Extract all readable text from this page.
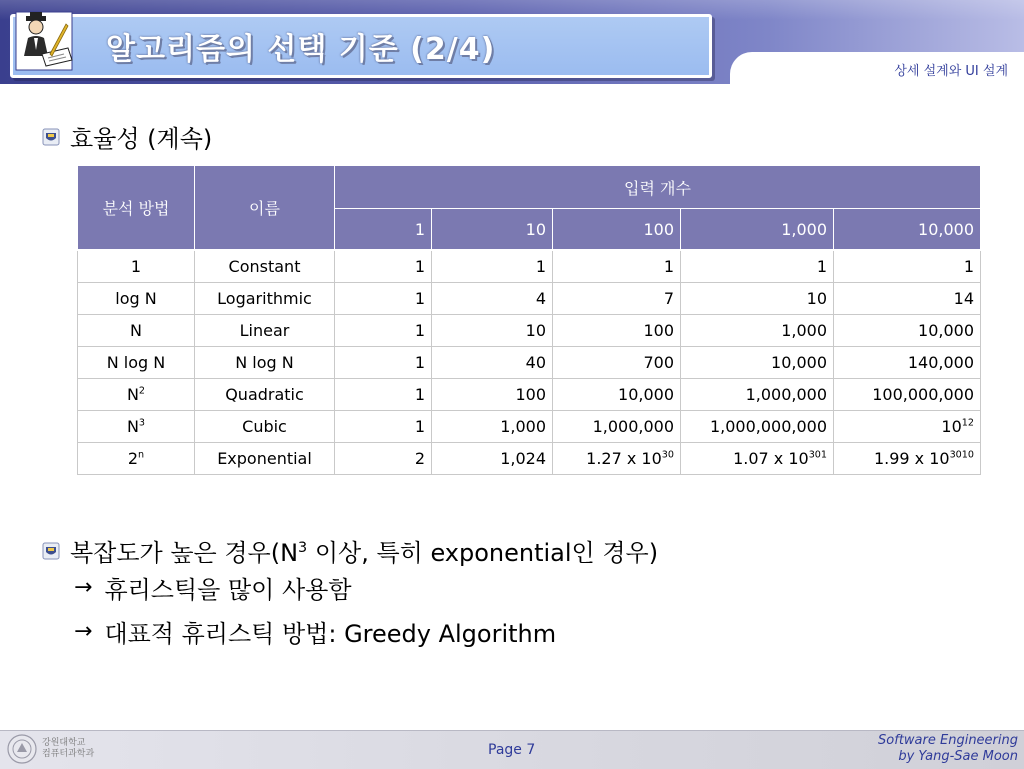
알고리즘의 선택 기준 (2/4)
상세 설계와 UI 설계
효율성 (계속)
분석 방법	이름	입력 개수				
		1	10	100	1,000	10,000
1	Constant	1	1	1	1	1
log N	Logarithmic	1	4	7	10	14
N	Linear	1	10	100	1,000	10,000
N log N	N log N	1	40	700	10,000	140,000
$N^2$	Quadratic	1	100	10,000	1,000,000	100,000,000
$N^3$	Cubic	1	1,000	1,000,000	1,000,000,000	$10^{12}$
2$^n$	Exponential	2	1,024	1.27 x $10^{30}$	1.07 x $10^{301}$	1.99 x $10^{3010}$
복잡도가 높은 경우($N^3$ 이상, 특히 exponential인 경우)
→ 휴리스틱을 많이 사용함
→ 대표적 휴리스틱 방법: Greedy Algorithm
강원대학교
컴퓨터과학과	Page 7
Software Engineering
by Yang-Sae Moon
